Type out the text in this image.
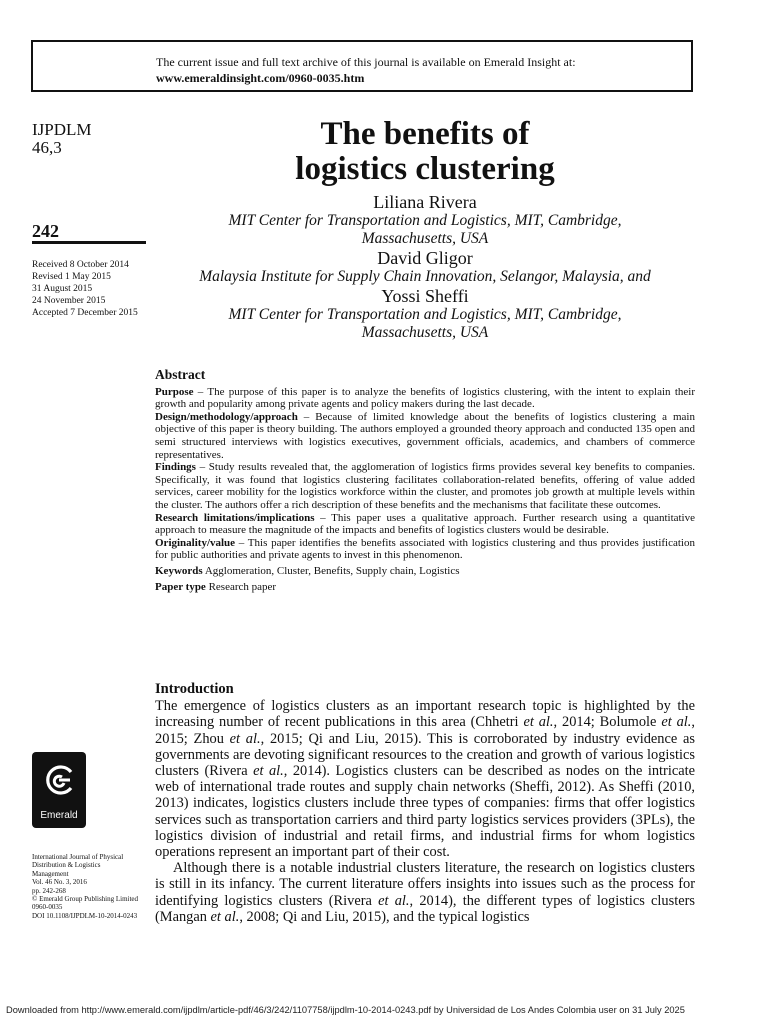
The current issue and full text archive of this journal is available on Emerald Insight at:
www.emeraldinsight.com/0960-0035.htm
IJPDLM
46,3
242
Received 8 October 2014
Revised 1 May 2015
31 August 2015
24 November 2015
Accepted 7 December 2015
The benefits of
logistics clustering
Liliana Rivera
MIT Center for Transportation and Logistics, MIT, Cambridge,
Massachusetts, USA
David Gligor
Malaysia Institute for Supply Chain Innovation, Selangor, Malaysia, and
Yossi Sheffi
MIT Center for Transportation and Logistics, MIT, Cambridge,
Massachusetts, USA
Abstract

Purpose – The purpose of this paper is to analyze the benefits of logistics clustering, with the intent to explain their growth and popularity among private agents and policy makers during the last decade.

Design/methodology/approach – Because of limited knowledge about the benefits of logistics clustering a main objective of this paper is theory building. The authors employed a grounded theory approach and conducted 135 open and semi structured interviews with logistics executives, government officials, academics, and chambers of commerce representatives.

Findings – Study results revealed that, the agglomeration of logistics firms provides several key benefits to companies. Specifically, it was found that logistics clustering facilitates collaboration-related benefits, offering of value added services, career mobility for the logistics workforce within the cluster, and promotes job growth at multiple levels within the cluster. The authors offer a rich description of these benefits and the mechanisms that facilitate these outcomes.

Research limitations/implications – This paper uses a qualitative approach. Further research using a quantitative approach to measure the magnitude of the impacts and benefits of logistics clusters would be desirable.

Originality/value – This paper identifies the benefits associated with logistics clustering and thus provides justification for public authorities and private agents to invest in this phenomenon.

Keywords Agglomeration, Cluster, Benefits, Supply chain, Logistics

Paper type Research paper

Introduction

The emergence of logistics clusters as an important research topic is highlighted by the increasing number of recent publications in this area (Chhetri et al., 2014; Bolumole et al., 2015; Zhou et al., 2015; Qi and Liu, 2015). This is corroborated by industry evidence as governments are devoting significant resources to the creation and growth of various logistics clusters (Rivera et al., 2014). Logistics clusters can be described as nodes on the intricate web of international trade routes and supply chain networks (Sheffi, 2012). As Sheffi (2010, 2013) indicates, logistics clusters include three types of companies: firms that offer logistics services such as transportation carriers and third party logistics services providers (3PLs), the logistics division of industrial and retail firms, and industrial firms for whom logistics operations represent an important part of their cost.

Although there is a notable industrial clusters literature, the research on logistics clusters is still in its infancy. The current literature offers insights into issues such as the process for identifying logistics clusters (Rivera et al., 2014), the different types of logistics clusters (Mangan et al., 2008; Qi and Liu, 2015), and the typical logistics

Emerald
International Journal of Physical
Distribution & Logistics
Management
Vol. 46 No. 3, 2016
pp. 242-268
© Emerald Group Publishing Limited
0960-0035
DOI 10.1108/IJPDLM-10-2014-0243
Downloaded from http://www.emerald.com/ijpdlm/article-pdf/46/3/242/1107758/ijpdlm-10-2014-0243.pdf by Universidad de Los Andes Colombia user on 31 July 2025
